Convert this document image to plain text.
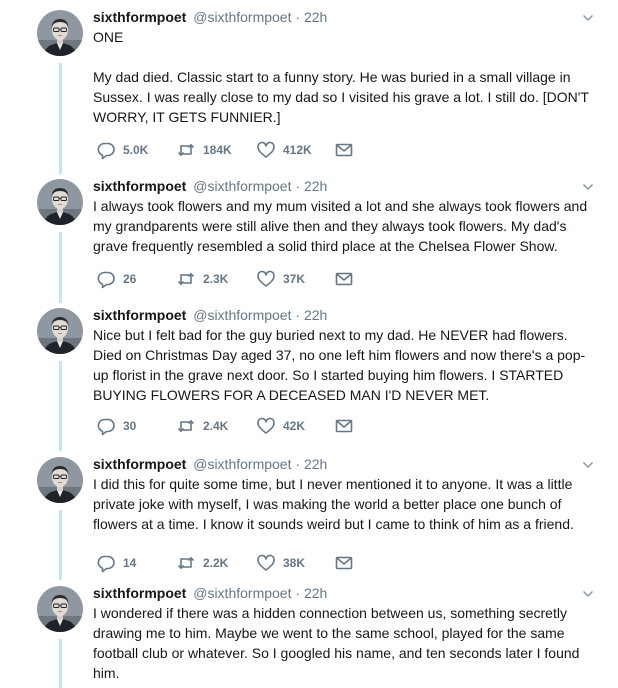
sixthformpoet @sixthformpoet · 22h

ONE

My dad died. Classic start to a funny story. He was buried in a small village in Sussex. I was really close to my dad so I visited his grave a lot. I still do. [DON'T WORRY, IT GETS FUNNIER.]

5.0K	184K	412K
sixthformpoet @sixthformpoet · 22h

I always took flowers and my mum visited a lot and she always took flowers and my grandparents were still alive then and they always took flowers. My dad's grave frequently resembled a solid third place at the Chelsea Flower Show.

26	2.3K	37K
sixthformpoet @sixthformpoet · 22h

Nice but I felt bad for the guy buried next to my dad. He NEVER had flowers. Died on Christmas Day aged 37, no one left him flowers and now there's a pop-up florist in the grave next door. So I started buying him flowers. I STARTED BUYING FLOWERS FOR A DECEASED MAN I'D NEVER MET.

30	2.4K	42K
sixthformpoet @sixthformpoet · 22h

I did this for quite some time, but I never mentioned it to anyone. It was a little private joke with myself, I was making the world a better place one bunch of flowers at a time. I know it sounds weird but I came to think of him as a friend.

14	2.2K	38K
sixthformpoet @sixthformpoet · 22h

I wondered if there was a hidden connection between us, something secretly drawing me to him. Maybe we went to the same school, played for the same football club or whatever. So I googled his name, and ten seconds later I found him.
